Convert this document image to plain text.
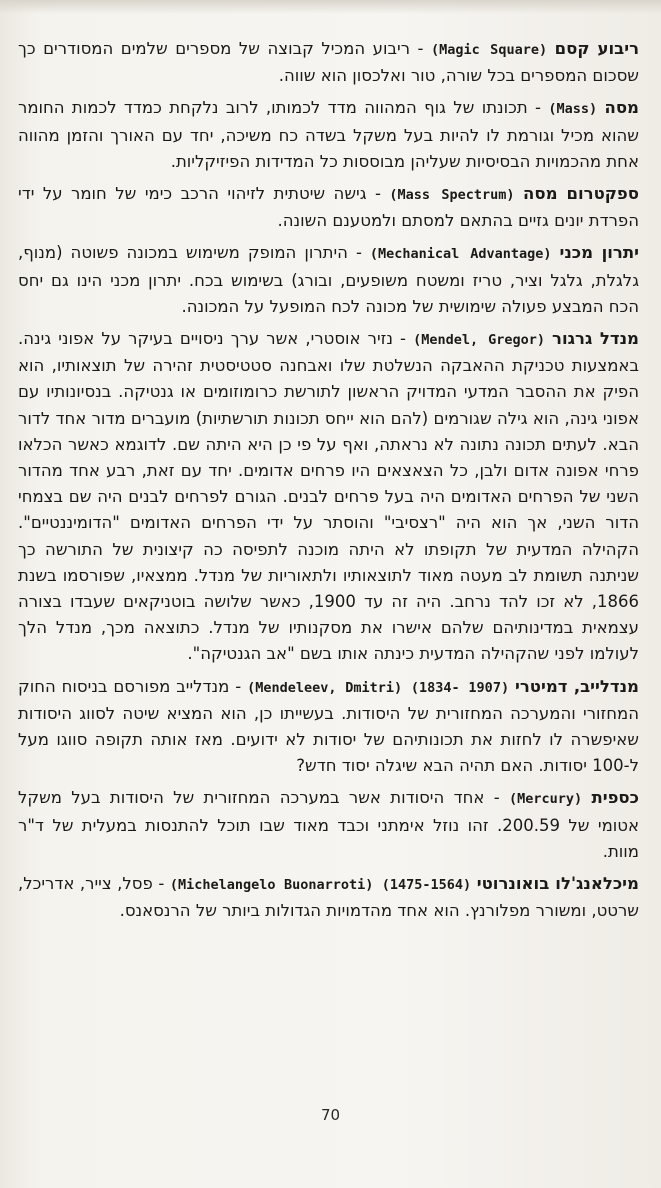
ריבוע קסם (Magic Square) - ריבוע המכיל קבוצה של מספרים שלמים המסודרים כך שסכום המספרים בכל שורה, טור ואלכסון הוא שווה.

מסה (Mass) - תכונתו של גוף המהווה מדד לכמותו, לרוב נלקחת כמדד לכמות החומר שהוא מכיל וגורמת לו להיות בעל משקל בשדה כח משיכה, יחד עם האורך והזמן מהווה אחת מהכמויות הבסיסיות שעליהן מבוססות כל המדידות הפיזיקליות.

ספקטרום מסה (Mass Spectrum) - גישה שיטתית לזיהוי הרכב כימי של חומר על ידי הפרדת יונים גזיים בהתאם למסתם ולמטענם השונה.

יתרון מכני (Mechanical Advantage) - היתרון המופק משימוש במכונה פשוטה (מנוף, גלגלת, גלגל וציר, טריז ומשטח משופעים, ובורג) בשימוש בכח. יתרון מכני הינו גם יחס הכח המבצע פעולה שימושית של מכונה לכח המופעל על המכונה.

מנדל גרגור (Mendel, Gregor) - נזיר אוסטרי, אשר ערך ניסויים בעיקר על אפוני גינה. באמצעות טכניקת ההאבקה הנשלטת שלו ואבחנה סטטיסטית זהירה של תוצאותיו, הוא הפיק את ההסבר המדעי המדויק הראשון לתורשת כרומוזומים או גנטיקה. בנסיונותיו עם אפוני גינה, הוא גילה שגורמים (להם הוא ייחס תכונות תורשתיות) מועברים מדור אחד לדור הבא. לעתים תכונה נתונה לא נראתה, ואף על פי כן היא היתה שם. לדוגמא כאשר הכלאו פרחי אפונה אדום ולבן, כל הצאצאים היו פרחים אדומים. יחד עם זאת, רבע אחד מהדור השני של הפרחים האדומים היה בעל פרחים לבנים. הגורם לפרחים לבנים היה שם בצמחי הדור השני, אך הוא היה "רצסיבי" והוסתר על ידי הפרחים האדומים "הדומיננטיים". הקהילה המדעית של תקופתו לא היתה מוכנה לתפיסה כה קיצונית של התורשה כך שניתנה תשומת לב מעטה מאוד לתוצאותיו ולתאוריות של מנדל. ממצאיו, שפורסמו בשנת 1866, לא זכו להד נרחב. היה זה עד 1900, כאשר שלושה בוטניקאים שעבדו בצורה עצמאית במדינותיהם שלהם אישרו את מסקנותיו של מנדל. כתוצאה מכך, מנדל הלך לעולמו לפני שהקהילה המדעית כינתה אותו בשם "אב הגנטיקה".

מנדלייב, דמיטרי (Mendeleev, Dmitri) (1834- 1907) - מנדלייב מפורסם בניסוח החוק המחזורי והמערכה המחזורית של היסודות. בעשייתו כן, הוא המציא שיטה לסווג היסודות שאיפשרה לו לחזות את תכונותיהם של יסודות לא ידועים. מאז אותה תקופה סווגו מעל ל-100 יסודות. האם תהיה הבא שיגלה יסוד חדש?

כספית (Mercury) - אחד היסודות אשר במערכה המחזורית של היסודות בעל משקל אטומי של 200.59. זהו נוזל אימתני וכבד מאוד שבו תוכל להתנסות במעלית של ד"ר מוות.

מיכלאנג'לו בואונרוטי (Michelangelo Buonarroti) (1475-1564) - פסל, צייר, אדריכל, שרטט, ומשורר מפלורנץ. הוא אחד מהדמויות הגדולות ביותר של הרנסאנס.

70
